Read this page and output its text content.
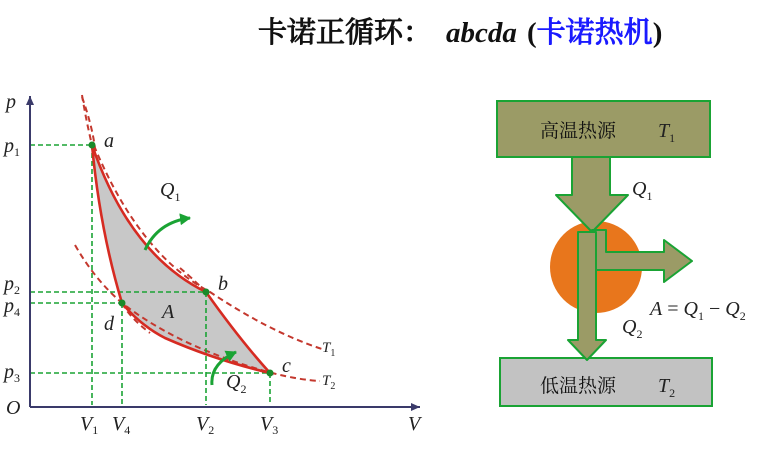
卡诺正循环： abcda (卡诺热机)
p
V
O
$p_1$
$p_2$
$p_4$
$p_3$
$V_1$ $V_4$	$V_2$ $V_3$
a
b
c
d
A
$Q_1$
$Q_2$
$T_1$
$T_2$
高温热源 $T_1$
低温热源 $T_2$
$Q_1$
$Q_2$
$A = Q_1 - Q_2$
